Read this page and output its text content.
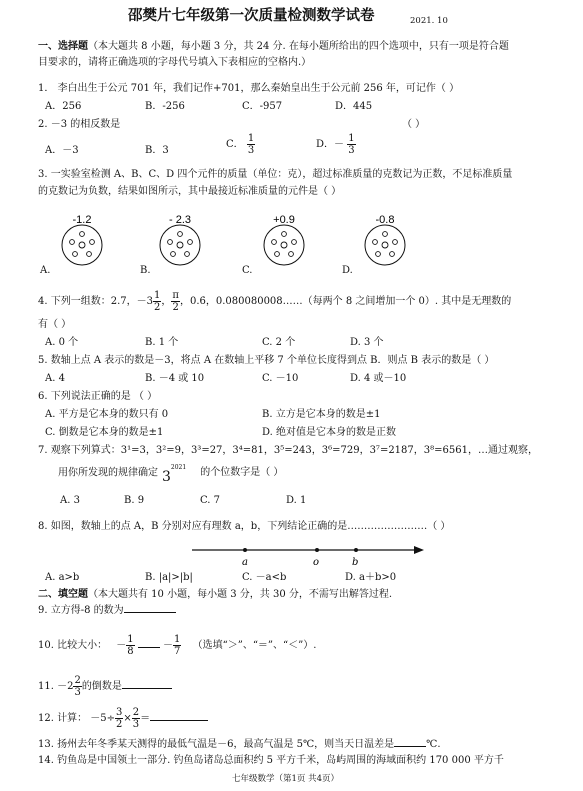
邵樊片七年级第一次质量检测数学试卷	2021. 10
一、选择题（本大题共 8 小题，每小题 3 分，共 24 分. 在每小题所给出的四个选项中，只有一项是符合题
目要求的，请将正确选项的字母代号填入下表相应的空格内.）
1． 李白出生于公元 701 年，我们记作+701，那么秦始皇出生于公元前 256 年，可记作（ ）
A．256	B．-256	C．-957	D．445
2. －3 的相反数是	（ ）
A．－3	B．3
C． $\frac{1}{3}$	D．－ $\frac{1}{3}$
3. 一实验室检测 A、B、C、D 四个元件的质量（单位：克），超过标准质量的克数记为正数，不足标准质量
的克数记为负数，结果如图所示，其中最接近标准质量的元件是（ ）
-1.2	- 2.3	+0.9	-0.8
A.	B.	C.	D.
4. 下列一组数：2.7，$-3 \frac{1}{2}$ ， $\frac{\pi}{2}$ ，0.6̇，0.080080008……（每两个 8 之间增加一个 0）. 其中是无理数的
有（ ）
A. 0 个	B. 1 个	C. 2 个	D. 3 个
5. 数轴上点 A 表示的数是－3，将点 A 在数轴上平移 7 个单位长度得到点 B．则点 B 表示的数是（ ）
A. 4	B. －4 或 10	C. －10	D. 4 或－10
6. 下列说法正确的是 （ ）
A. 平方是它本身的数只有 0	B. 立方是它本身的数是±1
C. 倒数是它本身的数是±1	D. 绝对值是它本身的数是正数
7. 观察下列算式：3¹=3，3²=9，3³=27，3⁴=81，3⁵=243，3⁶=729，3⁷=2187，3⁸=6561，…通过观察，
用你所发现的规律确定 $3^{2021}$ 的个位数字是（ ）
A. 3	B. 9	C. 7	D. 1
8. 如图，数轴上的点 A，B 分别对应有理数 a，b，下列结论正确的是……………………（ ）
a	o	b
A. a>b	B. |a|>|b|	C. －a<b	D. a＋b>0
二、填空题（本大题共有 10 小题，每小题 3 分，共 30 分，不需写出解答过程.
9. 立方得-8 的数为
10. 比较大小： － $\frac{1}{8}$	－ $\frac{1}{7}$ （选填“＞”、“＝”、“＜”）.
11. $-2 \frac{2}{3}$ 的倒数是
12. 计算： $-5\div \frac{3}{2} \times \frac{2}{3}$ ＝
13. 扬州去年冬季某天测得的最低气温是－6，最高气温是 5℃，则当天日温差是	℃.
14. 钓鱼岛是中国领土一部分. 钓鱼岛诸岛总面积约 5 平方千米，岛屿周围的海域面积约 170 000 平方千
七年级数学（第1页 共4页）
